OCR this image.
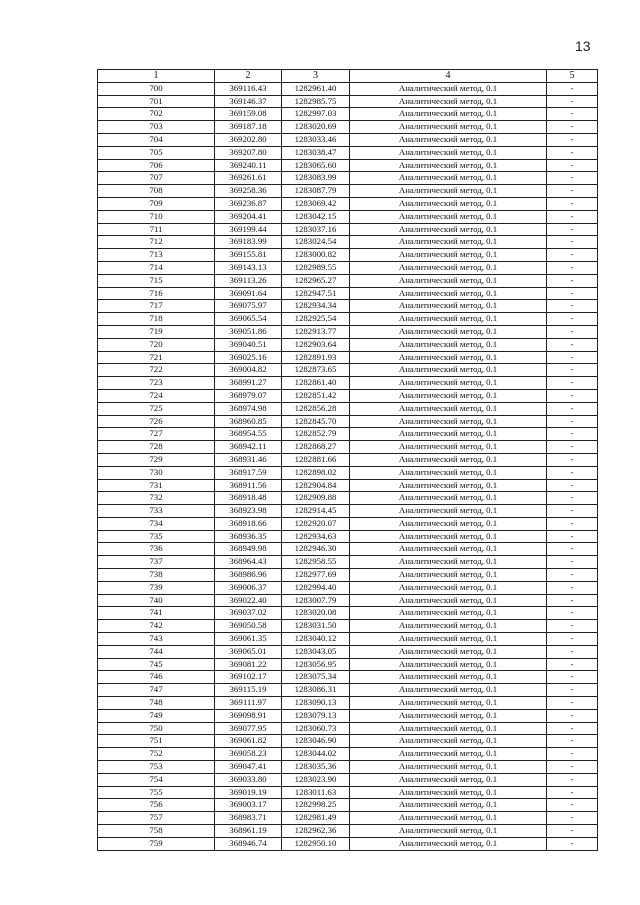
13
1	2	3	4	5
700	369116.43	1282961.40	Аналитический метод, 0.1	-
701	369146.37	1282985.75	Аналитический метод, 0.1	-
702	369159.08	1282997.03	Аналитический метод, 0.1	-
703	369187.18	1283020.69	Аналитический метод, 0.1	-
704	369202.80	1283033.46	Аналитический метод, 0.1	-
705	369207.80	1283038.47	Аналитический метод, 0.1	-
706	369240.11	1283065.60	Аналитический метод, 0.1	-
707	369261.61	1283083.99	Аналитический метод, 0.1	-
708	369258.36	1283087.79	Аналитический метод, 0.1	-
709	369236.87	1283069.42	Аналитический метод, 0.1	-
710	369204.41	1283042.15	Аналитический метод, 0.1	-
711	369199.44	1283037.16	Аналитический метод, 0.1	-
712	369183.99	1283024.54	Аналитический метод, 0.1	-
713	369155.81	1283000.82	Аналитический метод, 0.1	-
714	369143.13	1282989.55	Аналитический метод, 0.1	-
715	369113.26	1282965.27	Аналитический метод, 0.1	-
716	369091.64	1282947.51	Аналитический метод, 0.1	-
717	369075.97	1282934.34	Аналитический метод, 0.1	-
718	369065.54	1282925.54	Аналитический метод, 0.1	-
719	369051.86	1282913.77	Аналитический метод, 0.1	-
720	369040.51	1282903.64	Аналитический метод, 0.1	-
721	369025.16	1282891.93	Аналитический метод, 0.1	-
722	369004.82	1282873.65	Аналитический метод, 0.1	-
723	368991.27	1282861.40	Аналитический метод, 0.1	-
724	368979.07	1282851.42	Аналитический метод, 0.1	-
725	368974.98	1282856.28	Аналитический метод, 0.1	-
726	368960.85	1282845.70	Аналитический метод, 0.1	-
727	368954.55	1282852.79	Аналитический метод, 0.1	-
728	368942.11	1282868.27	Аналитический метод, 0.1	-
729	368931.46	1282881.66	Аналитический метод, 0.1	-
730	368917.59	1282898.02	Аналитический метод, 0.1	-
731	368911.56	1282904.84	Аналитический метод, 0.1	-
732	368918.48	1282909.88	Аналитический метод, 0.1	-
733	368923.98	1282914.45	Аналитический метод, 0.1	-
734	368918.66	1282920.07	Аналитический метод, 0.1	-
735	368936.35	1282934.63	Аналитический метод, 0.1	-
736	368949.98	1282946.30	Аналитический метод, 0.1	-
737	368964.43	1282958.55	Аналитический метод, 0.1	-
738	368986.96	1282977.69	Аналитический метод, 0.1	-
739	369006.37	1282994.40	Аналитический метод, 0.1	-
740	369022.40	1283007.79	Аналитический метод, 0.1	-
741	369037.02	1283020.08	Аналитический метод, 0.1	-
742	369050.58	1283031.50	Аналитический метод, 0.1	-
743	369061.35	1283040.12	Аналитический метод, 0.1	-
744	369065.01	1283043.05	Аналитический метод, 0.1	-
745	369081.22	1283056.95	Аналитический метод, 0.1	-
746	369102.17	1283075.34	Аналитический метод, 0.1	-
747	369115.19	1283086.31	Аналитический метод, 0.1	-
748	369111.97	1283090.13	Аналитический метод, 0.1	-
749	369098.91	1283079.13	Аналитический метод, 0.1	-
750	369077.95	1283060.73	Аналитический метод, 0.1	-
751	369061.82	1283046.90	Аналитический метод, 0.1	-
752	369058.23	1283044.02	Аналитический метод, 0.1	-
753	369047.41	1283035.36	Аналитический метод, 0.1	-
754	369033.80	1283023.90	Аналитический метод, 0.1	-
755	369019.19	1283011.63	Аналитический метод, 0.1	-
756	369003.17	1282998.25	Аналитический метод, 0.1	-
757	368983.71	1282981.49	Аналитический метод, 0.1	-
758	368961.19	1282962.36	Аналитический метод, 0.1	-
759	368946.74	1282950.10	Аналитический метод, 0.1	-
